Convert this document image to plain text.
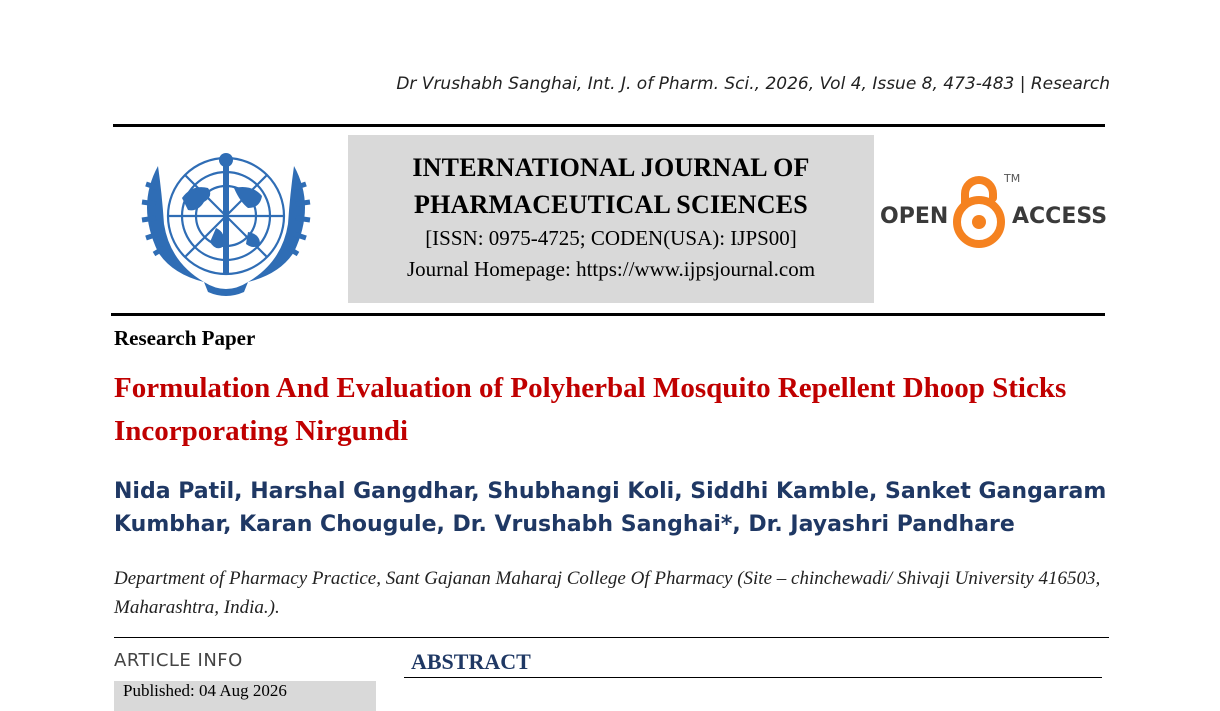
Dr Vrushabh Sanghai, Int. J. of Pharm. Sci., 2026, Vol 4, Issue 8, 473-483 | Research
INTERNATIONAL JOURNAL OF
PHARMACEUTICAL SCIENCES
[ISSN: 0975-4725; CODEN(USA): IJPS00]
Journal Homepage: https://www.ijpsjournal.com
OPEN
TM
ACCESS
Research Paper
Formulation And Evaluation of Polyherbal Mosquito Repellent Dhoop Sticks Incorporating Nirgundi
Nida Patil, Harshal Gangdhar, Shubhangi Koli, Siddhi Kamble, Sanket Gangaram Kumbhar, Karan Chougule, Dr. Vrushabh Sanghai*, Dr. Jayashri Pandhare
Department of Pharmacy Practice, Sant Gajanan Maharaj College Of Pharmacy (Site – chinchewadi/ Shivaji University 416503, Maharashtra, India.).
ARTICLE INFO	ABSTRACT
Published: 04 Aug 2026
